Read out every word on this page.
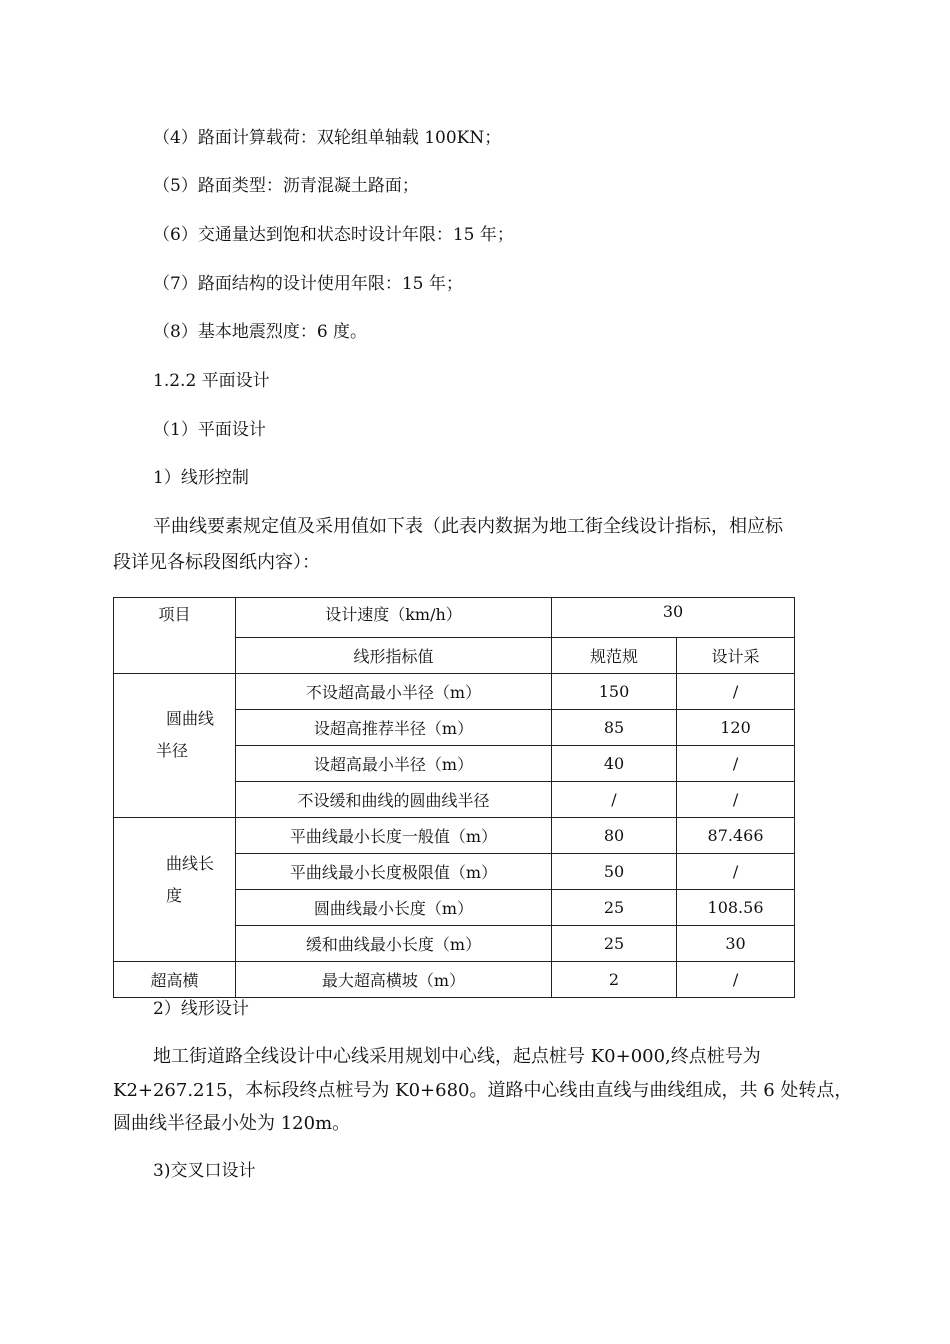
（4）路面计算载荷：双轮组单轴载 100KN；
（5）路面类型：沥青混凝土路面；
（6）交通量达到饱和状态时设计年限：15 年；
（7）路面结构的设计使用年限：15 年；
（8）基本地震烈度：6 度。
1.2.2 平面设计
（1）平面设计
1）线形控制
平曲线要素规定值及采用值如下表（此表内数据为地工街全线设计指标，相应标
段详见各标段图纸内容）：
项目	设计速度（km/h）	30	
	线形指标值	规范规	设计采

圆曲线
半径	不设超高最小半径（m）	150	/
	设超高推荐半径（m）	85	120
	设超高最小半径（m）	40	/
	不设缓和曲线的圆曲线半径	/	/

曲线长
度	平曲线最小长度一般值（m）	80	87.466
	平曲线最小长度极限值（m）	50	/
	圆曲线最小长度（m）	25	108.56
	缓和曲线最小长度（m）	25	30
超高横	最大超高横坡（m）	2	/
2）线形设计
地工街道路全线设计中心线采用规划中心线，起点桩号 K0+000,终点桩号为
K2+267.215，本标段终点桩号为 K0+680。道路中心线由直线与曲线组成，共 6 处转点，
圆曲线半径最小处为 120m。
3)交叉口设计
